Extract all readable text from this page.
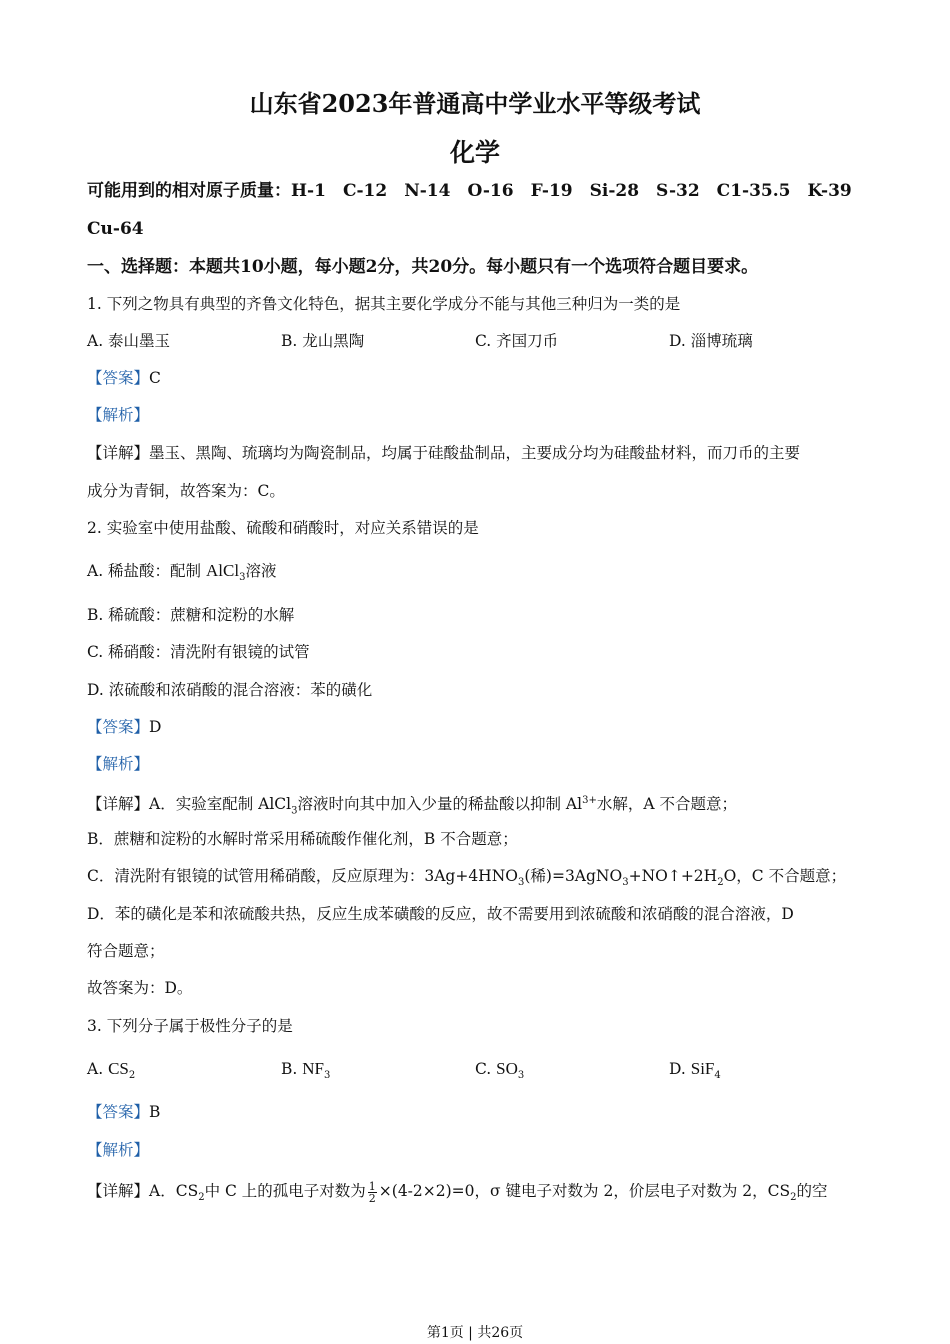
山东省2023年普通高中学业水平等级考试
化学
可能用到的相对原子质量：H-1　C-12　N-14　O-16　F-19　Si-28　S-32　C1-35.5　K-39
Cu-64
一、选择题：本题共10小题，每小题2分，共20分。每小题只有一个选项符合题目要求。
1. 下列之物具有典型的齐鲁文化特色，据其主要化学成分不能与其他三种归为一类的是
A. 泰山墨玉	B. 龙山黑陶	C. 齐国刀币	D. 淄博琉璃
【答案】C
【解析】
【详解】墨玉、黑陶、琉璃均为陶瓷制品，均属于硅酸盐制品，主要成分均为硅酸盐材料，而刀币的主要
成分为青铜，故答案为：C。
2. 实验室中使用盐酸、硫酸和硝酸时，对应关系错误的是
A. 稀盐酸：配制 AlCl$_3$溶液
B. 稀硫酸：蔗糖和淀粉的水解
C. 稀硝酸：清洗附有银镜的试管
D. 浓硫酸和浓硝酸的混合溶液：苯的磺化
【答案】D
【解析】
【详解】A．实验室配制 AlCl$_3$溶液时向其中加入少量的稀盐酸以抑制 $Al^{3+}$水解，A 不合题意；
B．蔗糖和淀粉的水解时常采用稀硫酸作催化剂，B 不合题意；
C．清洗附有银镜的试管用稀硝酸，反应原理为：$3Ag+4HNO_3$(稀)$=3AgNO_3+NO↑+2H_2O$，C 不合题意；
D．苯的磺化是苯和浓硫酸共热，反应生成苯磺酸的反应，故不需要用到浓硫酸和浓硝酸的混合溶液，D
符合题意；
故答案为：D。
3. 下列分子属于极性分子的是
A. $CS_2$	B. $NF_3$	C. $SO_3$	D. SiF$_4$
【答案】B
【解析】
【详解】A．$CS_2$中 C 上的孤电子对数为 $\frac{1}{2} \times(4-2\times 2)=0$，σ 键电子对数为 2，价层电子对数为 2，$CS_2$的空
第1页 | 共26页
